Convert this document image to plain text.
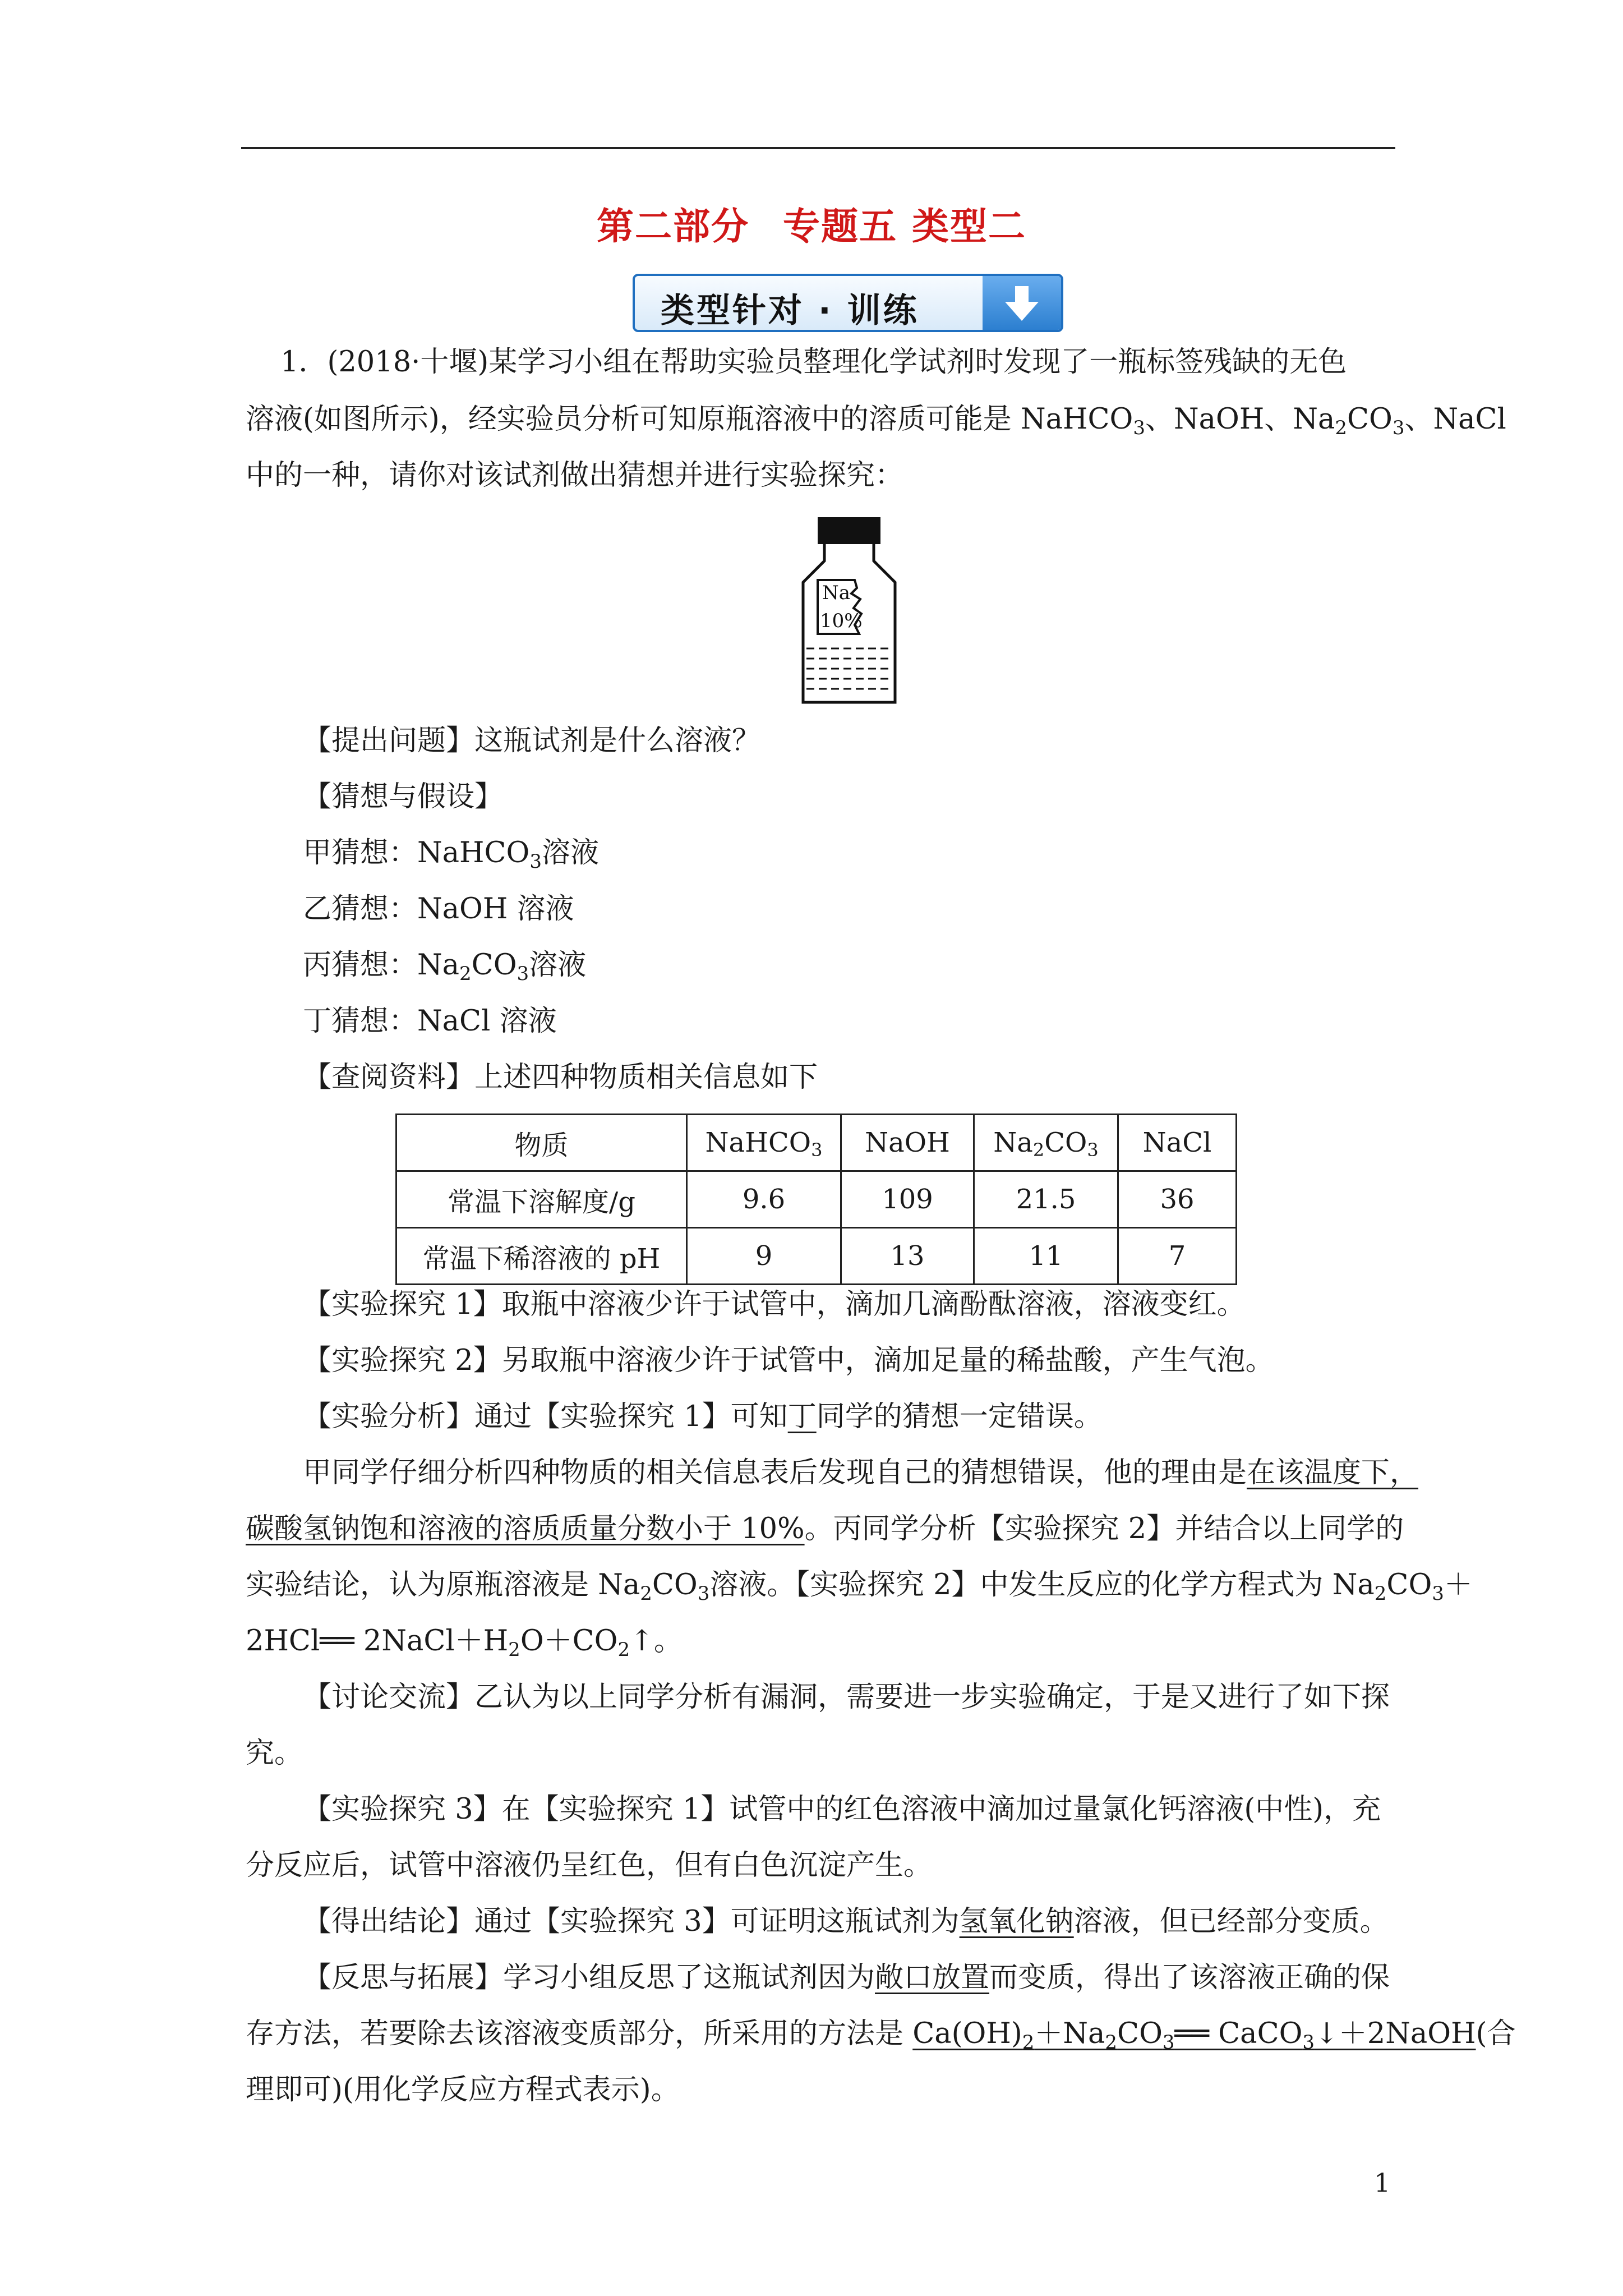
第二部分 专题五 类型二
类型针对 · 训练
1．(2018·十堰)某学习小组在帮助实验员整理化学试剂时发现了一瓶标签残缺的无色
溶液(如图所示)，经实验员分析可知原瓶溶液中的溶质可能是 NaHCO$_3$、NaOH、$Na_2CO_3$、NaCl
中的一种，请你对该试剂做出猜想并进行实验探究：
Na
10%
【提出问题】这瓶试剂是什么溶液？
【猜想与假设】
甲猜想：NaHCO$_3$溶液
乙猜想：NaOH 溶液
丙猜想：$Na_2CO_3$溶液
丁猜想：NaCl 溶液
【查阅资料】上述四种物质相关信息如下
物质	NaHCO$_3$	NaOH	$Na_2CO_3$	NaCl
常温下溶解度/g	9.6	109	21.5	36
常温下稀溶液的 pH	9	13	11	7
【实验探究 1】取瓶中溶液少许于试管中，滴加几滴酚酞溶液，溶液变红。
【实验探究 2】另取瓶中溶液少许于试管中，滴加足量的稀盐酸，产生气泡。
【实验分析】通过【实验探究 1】可知丁同学的猜想一定错误。
甲同学仔细分析四种物质的相关信息表后发现自己的猜想错误，他的理由是在该温度下，
碳酸氢钠饱和溶液的溶质质量分数小于 10%。丙同学分析【实验探究 2】并结合以上同学的
实验结论，认为原瓶溶液是 $Na_2CO_3$溶液。【实验探究 2】中发生反应的化学方程式为 $Na_2CO_3+$
2HCl══ $2NaCl+H_2O+CO_2↑$。
【讨论交流】乙认为以上同学分析有漏洞，需要进一步实验确定，于是又进行了如下探
究。
【实验探究 3】在【实验探究 1】试管中的红色溶液中滴加过量氯化钙溶液(中性)，充
分反应后，试管中溶液仍呈红色，但有白色沉淀产生。
【得出结论】通过【实验探究 3】可证明这瓶试剂为氢氧化钠溶液，但已经部分变质。
【反思与拓展】学习小组反思了这瓶试剂因为敞口放置而变质，得出了该溶液正确的保
存方法，若要除去该溶液变质部分，所采用的方法是 $Ca(OH)_2+Na_2CO_3══$ CaCO$_3$↓＋2NaOH(合
理即可)(用化学反应方程式表示)。
1
